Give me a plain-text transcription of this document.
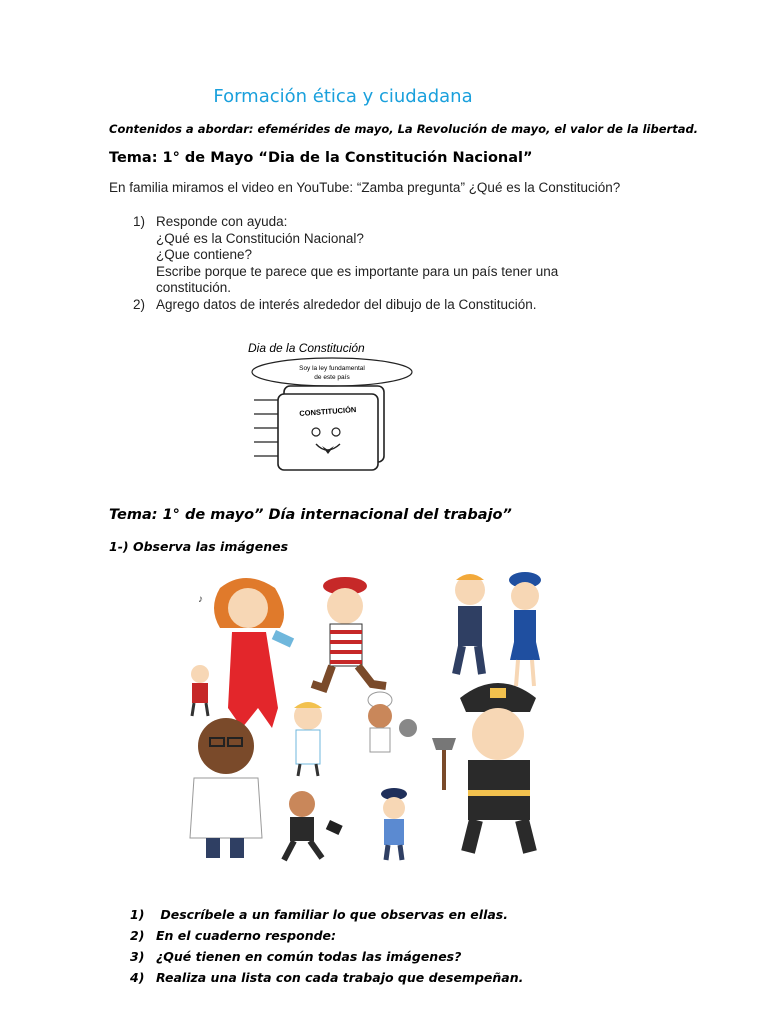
Formación ética y ciudadana
Contenidos a abordar: efemérides de mayo, La Revolución de mayo, el valor de la libertad.
Tema: 1° de Mayo “Dia de la Constitución Nacional”
En familia miramos el video en YouTube: “Zamba pregunta” ¿Qué es la Constitución?
1) Responde con ayuda:
¿Qué es la Constitución Nacional?
¿Que contiene?
Escribe porque te parece que es importante para un país tener una constitución.
2) Agrego datos de interés alrededor del dibujo de la Constitución.
Dia de la Constitución
Soy la ley fundamental
de este país
CONSTITUCIÓN
Tema: 1° de mayo” Día internacional del trabajo”
1-) Observa las imágenes
♪
1) Descríbele a un familiar lo que observas en ellas.
2) En el cuaderno responde:
3) ¿Qué tienen en común todas las imágenes?
4) Realiza una lista con cada trabajo que desempeñan.
